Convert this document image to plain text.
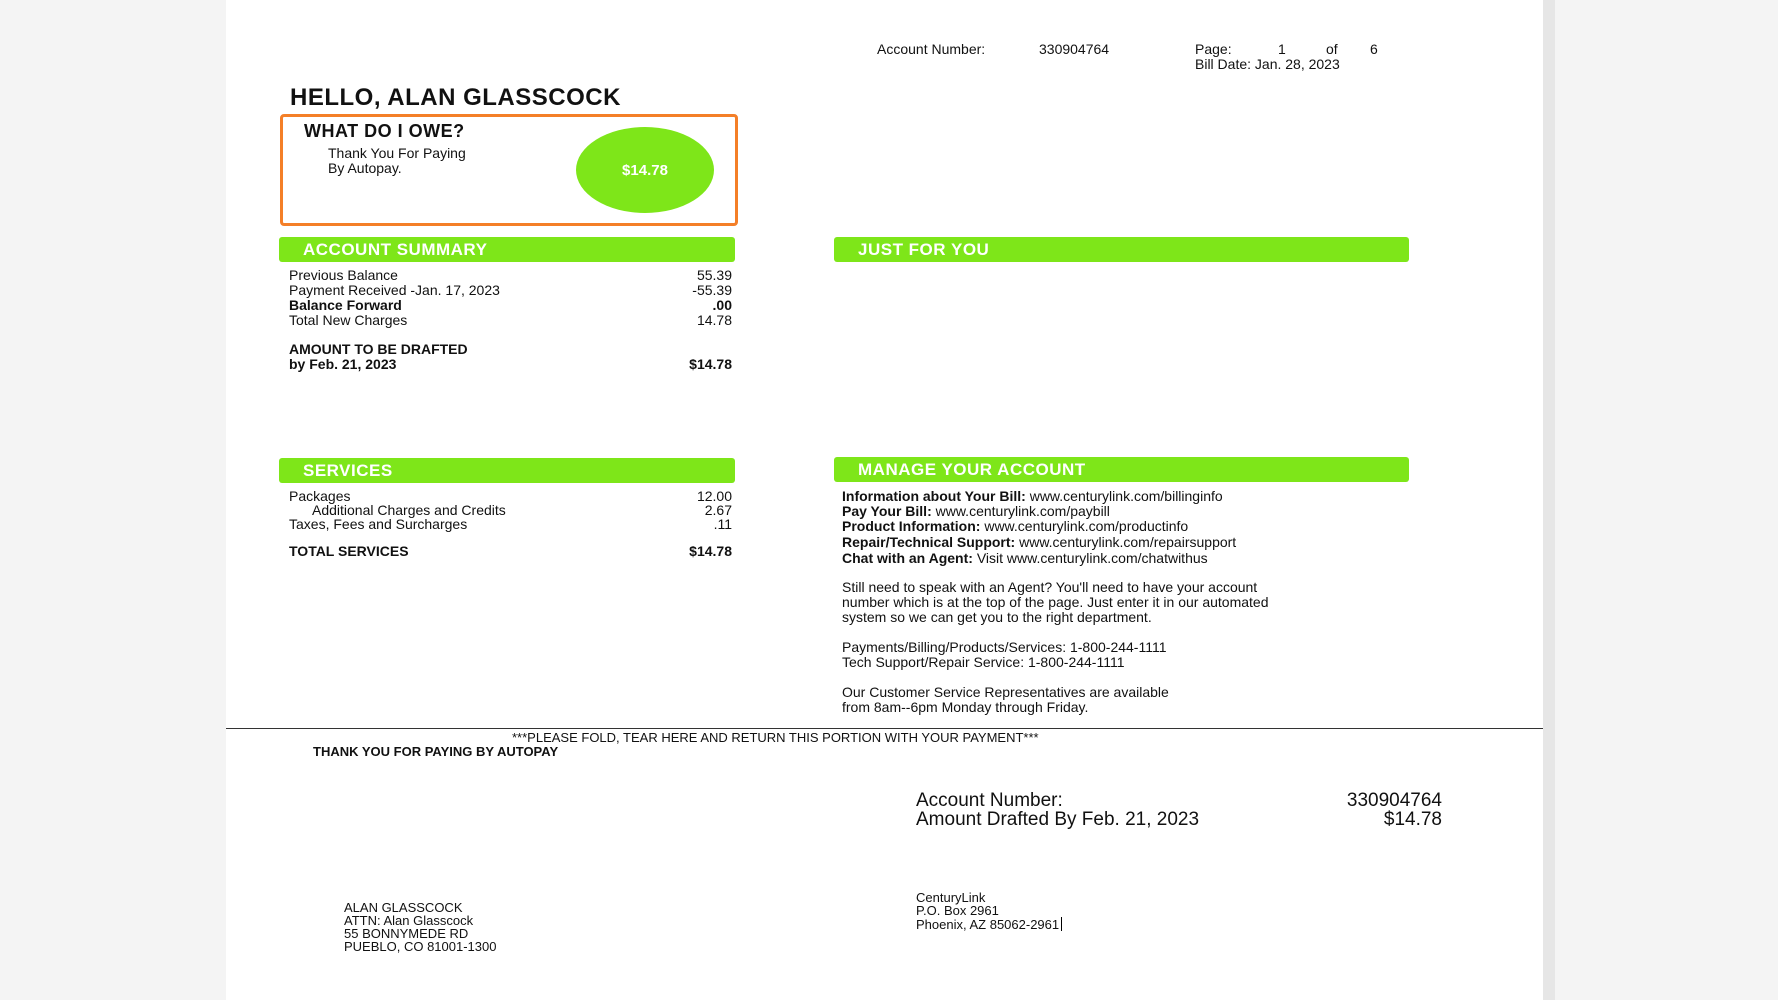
Account Number:	330904764	Page:	1	of 6
Bill Date: Jan. 28, 2023
HELLO, ALAN GLASSCOCK
WHAT DO I OWE?
Thank You For Paying
By Autopay.	$14.78
ACCOUNT SUMMARY
Previous Balance	55.39
Payment Received -Jan. 17, 2023	-55.39
Balance Forward	.00
Total New Charges	14.78
AMOUNT TO BE DRAFTED
by Feb. 21, 2023	$14.78
JUST FOR YOU
SERVICES
Packages	12.00
Additional Charges and Credits	2.67
Taxes, Fees and Surcharges	.11
TOTAL SERVICES	$14.78
MANAGE YOUR ACCOUNT
Information about Your Bill: www.centurylink.com/billinginfo
Pay Your Bill: www.centurylink.com/paybill
Product Information: www.centurylink.com/productinfo
Repair/Technical Support: www.centurylink.com/repairsupport
Chat with an Agent: Visit www.centurylink.com/chatwithus
Still need to speak with an Agent? You'll need to have your account
number which is at the top of the page. Just enter it in our automated
system so we can get you to the right department.
Payments/Billing/Products/Services: 1-800-244-1111
Tech Support/Repair Service: 1-800-244-1111
Our Customer Service Representatives are available
from 8am--6pm Monday through Friday.
***PLEASE FOLD, TEAR HERE AND RETURN THIS PORTION WITH YOUR PAYMENT***
THANK YOU FOR PAYING BY AUTOPAY
Account Number:	330904764
Amount Drafted By Feb. 21, 2023	$14.78
ALAN GLASSCOCK
ATTN: Alan Glasscock
55 BONNYMEDE RD
PUEBLO, CO 81001-1300
CenturyLink
P.O. Box 2961
Phoenix, AZ 85062-2961
